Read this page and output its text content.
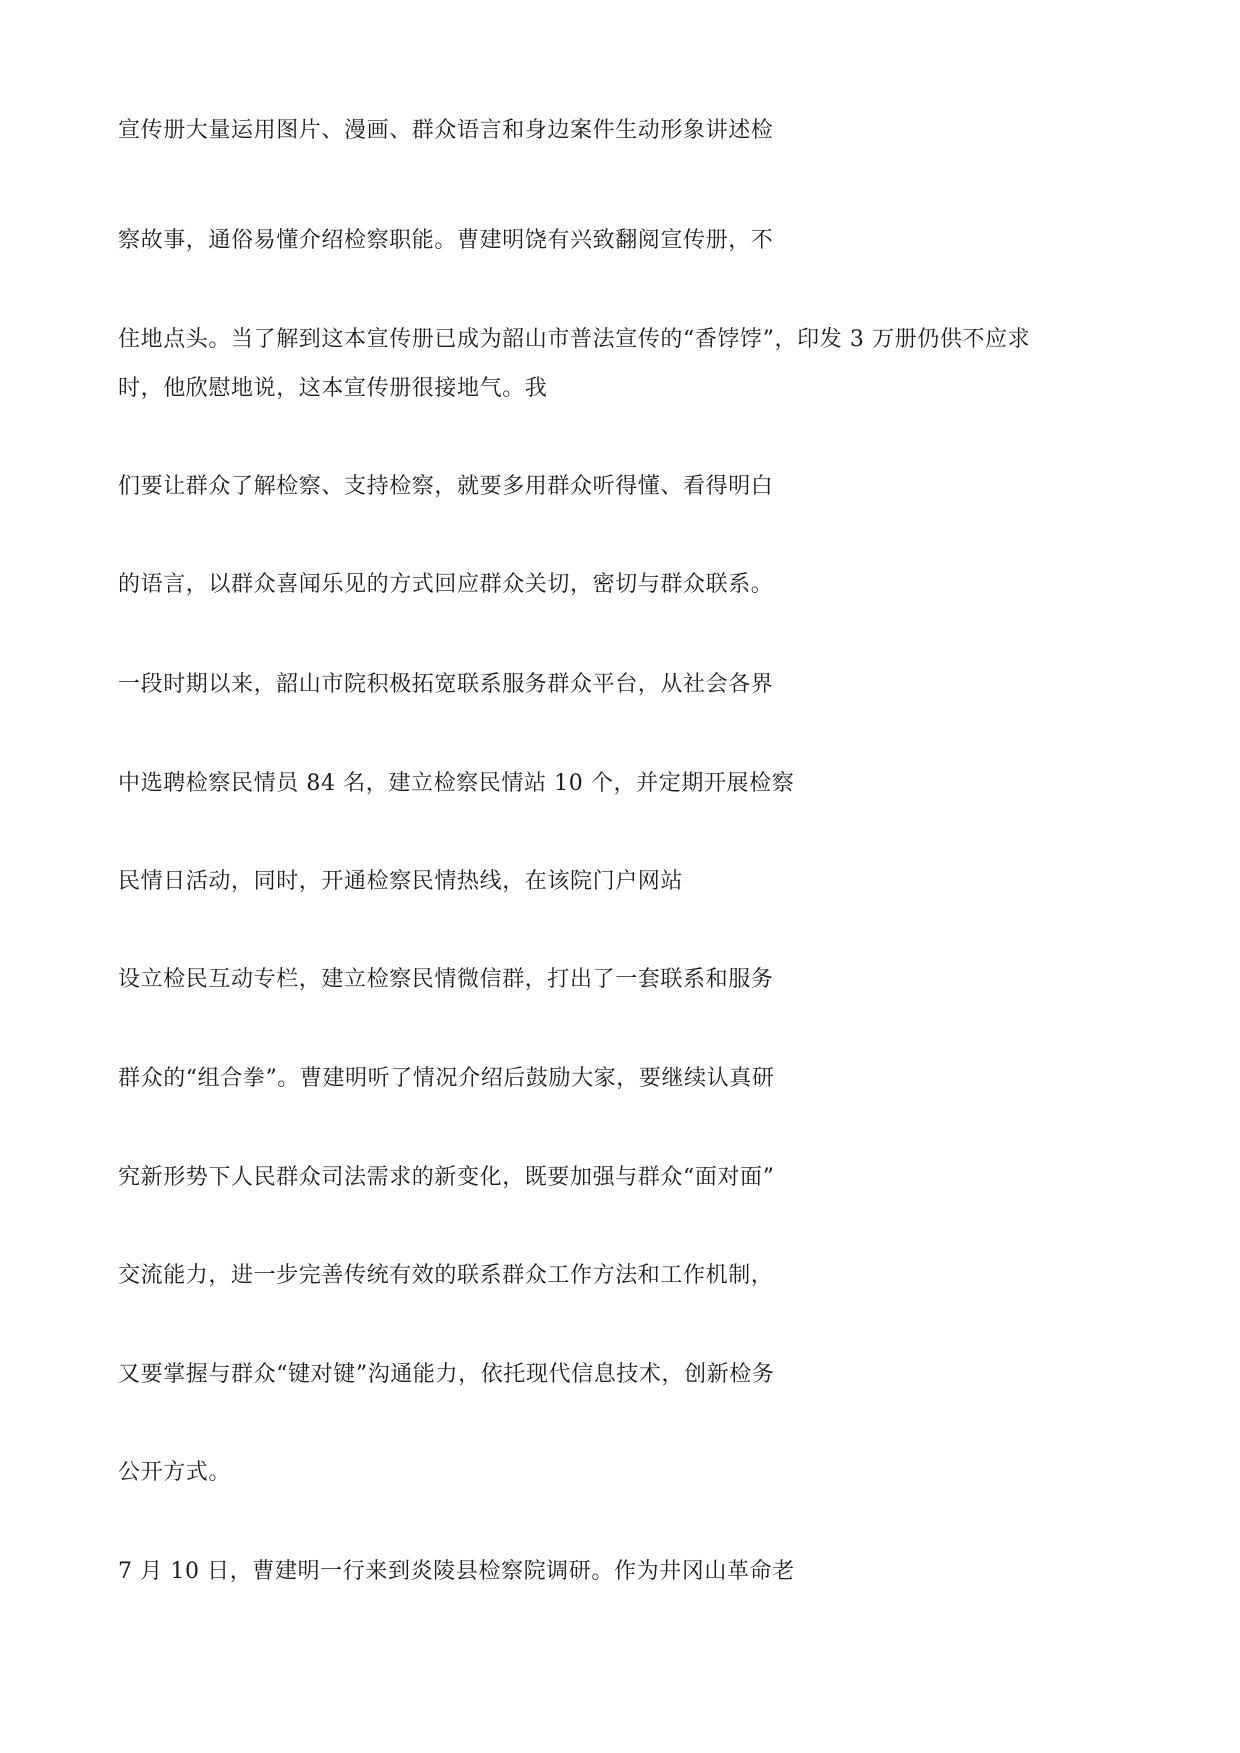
宣传册大量运用图片、漫画、群众语言和身边案件生动形象讲述检
察故事，通俗易懂介绍检察职能。曹建明饶有兴致翻阅宣传册，不
住地点头。当了解到这本宣传册已成为韶山市普法宣传的“香饽饽”，印发 3 万册仍供不应求
时，他欣慰地说，这本宣传册很接地气。我
们要让群众了解检察、支持检察，就要多用群众听得懂、看得明白
的语言，以群众喜闻乐见的方式回应群众关切，密切与群众联系。
一段时期以来，韶山市院积极拓宽联系服务群众平台，从社会各界
中选聘检察民情员 84 名，建立检察民情站 10 个，并定期开展检察
民情日活动，同时，开通检察民情热线，在该院门户网站
设立检民互动专栏，建立检察民情微信群，打出了一套联系和服务
群众的“组合拳”。曹建明听了情况介绍后鼓励大家，要继续认真研
究新形势下人民群众司法需求的新变化，既要加强与群众“面对面”
交流能力，进一步完善传统有效的联系群众工作方法和工作机制，
又要掌握与群众“键对键”沟通能力，依托现代信息技术，创新检务
公开方式。
7 月 10 日，曹建明一行来到炎陵县检察院调研。作为井冈山革命老
